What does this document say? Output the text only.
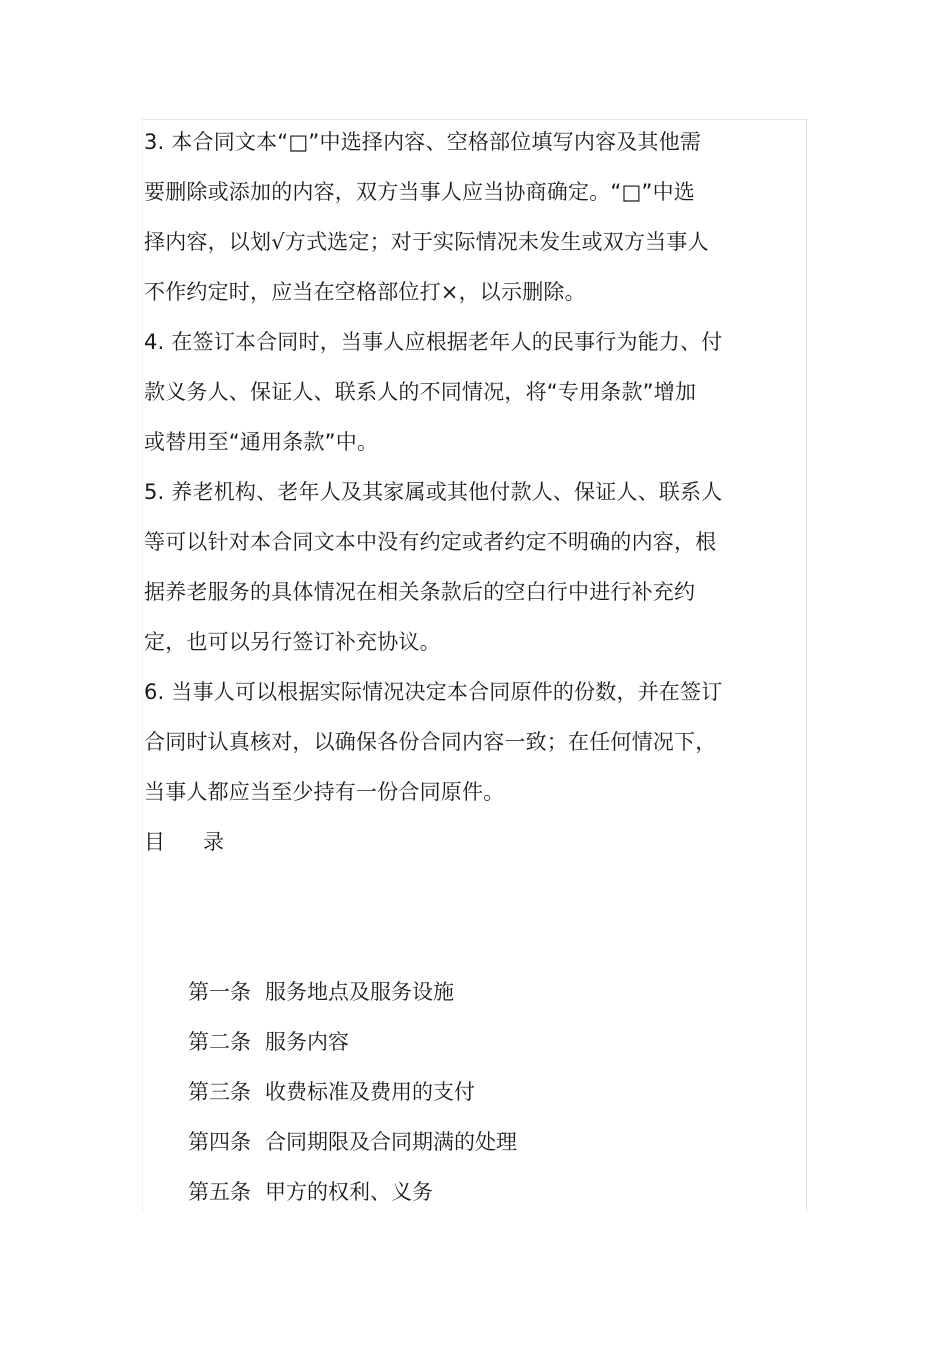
3. 本合同文本“□”中选择内容、空格部位填写内容及其他需
要删除或添加的内容，双方当事人应当协商确定。“□”中选
择内容，以划√方式选定；对于实际情况未发生或双方当事人
不作约定时，应当在空格部位打×，以示删除。
4. 在签订本合同时，当事人应根据老年人的民事行为能力、付
款义务人、保证人、联系人的不同情况，将“专用条款”增加
或替用至“通用条款”中。
5. 养老机构、老年人及其家属或其他付款人、保证人、联系人
等可以针对本合同文本中没有约定或者约定不明确的内容，根
据养老服务的具体情况在相关条款后的空白行中进行补充约
定，也可以另行签订补充协议。
6. 当事人可以根据实际情况决定本合同原件的份数，并在签订
合同时认真核对，以确保各份合同内容一致；在任何情况下，
当事人都应当至少持有一份合同原件。
目 录
第一条 服务地点及服务设施
第二条 服务内容
第三条 收费标准及费用的支付
第四条 合同期限及合同期满的处理
第五条 甲方的权利、义务
